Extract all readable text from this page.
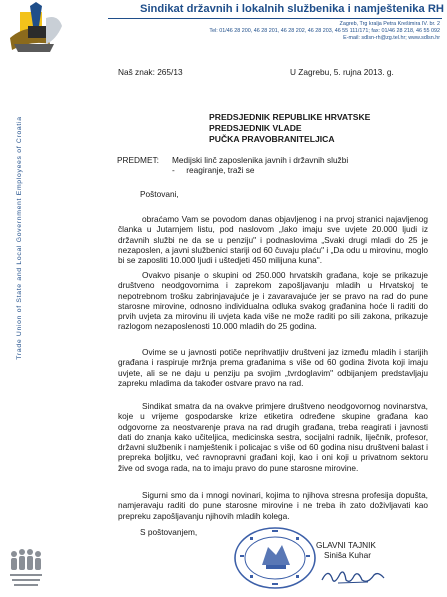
Sindikat državnih i lokalnih službenika i namještenika RH
Zagreb, Trg kralja Petra Krešimira IV. br. 2
Tel: 01/46 28 200, 46 28 201, 46 28 202, 46 28 203, 46 55 111/171; fax: 01/46 28 218, 46 55 092
E-mail: sdlsn-rh@zg.tel.hr; www.sdlsn.hr
Trade Union of State and Local Government Employees of Croatia
Naš znak: 265/13	U Zagrebu, 5. rujna 2013. g.
PREDSJEDNIK REPUBLIKE HRVATSKE
PREDSJEDNIK VLADE
PUČKA PRAVOBRANITELJICA
PREDMET: Medijski linč zaposlenika javnih i državnih službi
-     reagiranje, traži se
Poštovani,
obraćamo Vam se povodom danas objavljenog i na prvoj stranici najavljenog članka u Jutarnjem listu, pod naslovom „Iako imaju sve uvjete 20.000 ljudi iz državnih službi ne da se u penziju" i podnaslovima „Svaki drugi mladi do 25 je nezaposlen, a javni službenici stariji od 60 čuvaju plaću" i „Da odu u mirovinu, moglo bi se zaposliti 10.000 ljudi i uštedjeti 450 milijuna kuna".
Ovakvo pisanje o skupini od 250.000 hrvatskih građana, koje se prikazuje društveno neodgovornima i zaprekom zapošljavanju mladih u Hrvatskoj te nepotrebnom trošku zabrinjavajuće je i zavaravajuće jer se pravo na rad do pune starosne mirovine, odnosno individualna odluka svakog građanina hoće li raditi do prvih uvjeta za mirovinu ili uvjeta kada više ne može raditi po sili zakona, prikazuje razlogom nezaposlenosti 10.000 mladih do 25 godina.
Ovime se u javnosti potiče neprihvatljiv društveni jaz između mladih i starijih građana i raspiruje mržnja prema građanima s više od 60 godina života koji imaju uvjete, ali se ne daju u penziju pa svojim „tvrdoglavim" odbijanjem predstavljaju zapreku mladima da također ostvare pravo na rad.
Sindikat smatra da na ovakve primjere društveno neodgovornog novinarstva, koje u vrijeme gospodarske krize etiketira određene skupine građana kao odgovorne za neostvarenje prava na rad drugih građana, treba reagirati i javnosti dati do znanja kako učiteljica, medicinska sestra, socijalni radnik, liječnik, profesor, državni službenik i namještenik i policajac s više od 60 godina nisu društveni balast i prepreka boljitku, već ravnopravni građani koji, kao i oni koji u privatnom sektoru žive od svoga rada, na to imaju pravo do pune starosne mirovine.
Sigurni smo da i mnogi novinari, kojima to njihova stresna profesija dopušta, namjeravaju raditi do pune starosne mirovine i ne treba ih zato doživljavati kao prepreku zapošljavanju njihovih mladih kolega.
S poštovanjem,
GLAVNI TAJNIK
Siniša Kuhar
